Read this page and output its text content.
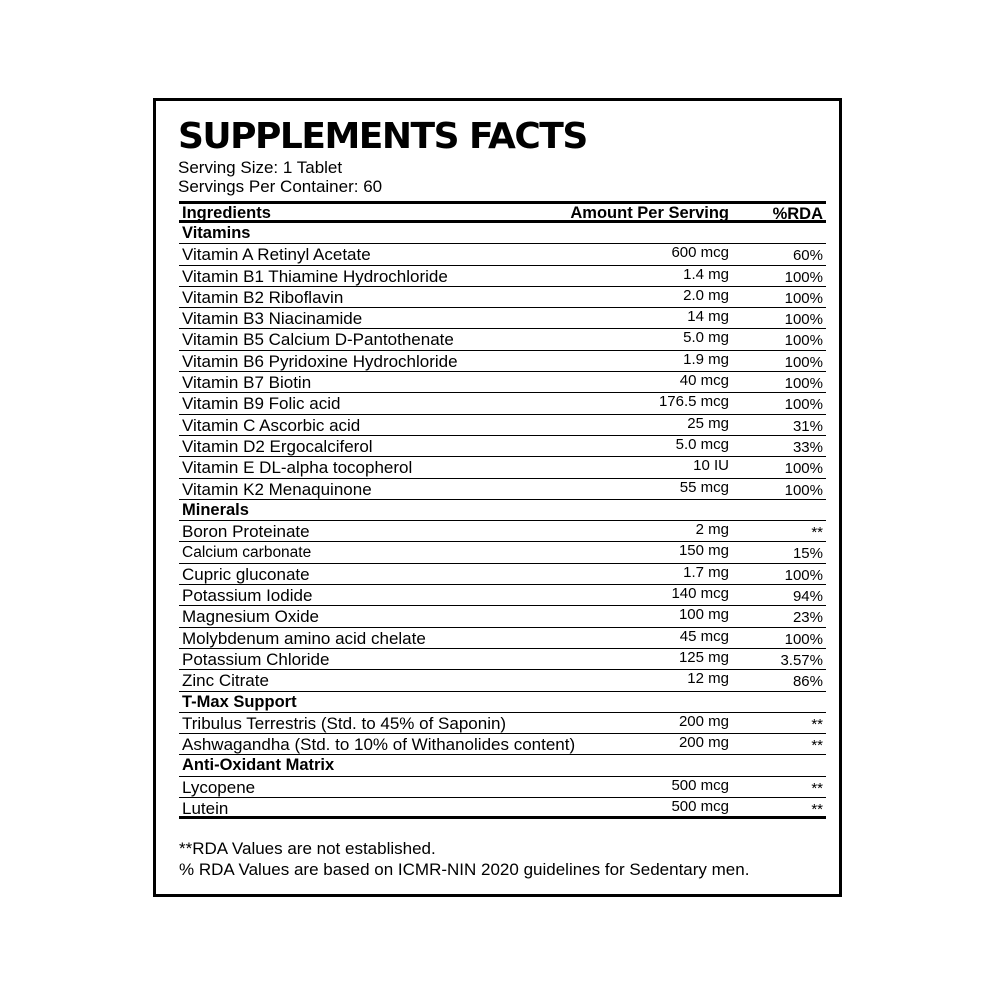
SUPPLEMENTS FACTS
Serving Size: 1 Tablet
Servings Per Container: 60
Ingredients	Amount Per Serving	%RDA
Vitamins
Vitamin A Retinyl Acetate	600 mcg	60%
Vitamin B1 Thiamine Hydrochloride	1.4 mg	100%
Vitamin B2 Riboflavin	2.0 mg	100%
Vitamin B3 Niacinamide	14 mg	100%
Vitamin B5 Calcium D-Pantothenate	5.0 mg	100%
Vitamin B6 Pyridoxine Hydrochloride	1.9 mg	100%
Vitamin B7 Biotin	40 mcg	100%
Vitamin B9 Folic acid	176.5 mcg	100%
Vitamin C Ascorbic acid	25 mg	31%
Vitamin D2 Ergocalciferol	5.0 mcg	33%
Vitamin E DL-alpha tocopherol	10 IU	100%
Vitamin K2 Menaquinone	55 mcg	100%
Minerals
Boron Proteinate	2 mg	**
Calcium carbonate	150 mg	15%
Cupric gluconate	1.7 mg	100%
Potassium Iodide	140 mcg	94%
Magnesium Oxide	100 mg	23%
Molybdenum amino acid chelate	45 mcg	100%
Potassium Chloride	125 mg	3.57%
Zinc Citrate	12 mg	86%
T-Max Support
Tribulus Terrestris (Std. to 45% of Saponin)	200 mg	**
Ashwagandha (Std. to 10% of Withanolides content)	200 mg	**
Anti-Oxidant Matrix
Lycopene	500 mcg	**
Lutein	500 mcg	**
**RDA Values are not established.
% RDA Values are based on ICMR-NIN 2020 guidelines for Sedentary men.
